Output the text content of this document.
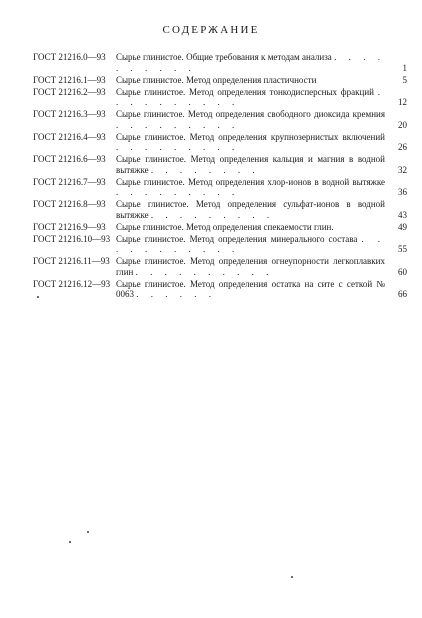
СОДЕРЖАНИЕ
ГОСТ 21216.0—93	Сырье глинистое. Общие требования к методам анализа . . . . . . . . . .	1
ГОСТ 21216.1—93	Сырье глинистое. Метод определения пластичности	5
ГОСТ 21216.2—93	Сырье глинистое. Метод определения тонкодисперсных фракций . . . . . . . . . .	12
ГОСТ 21216.3—93	Сырье глинистое. Метод определения свободного диоксида кремния . . . . . . . . .	20
ГОСТ 21216.4—93	Сырье глинистое. Метод определения крупнозернистых включений . . . . . . . . .	26
ГОСТ 21216.6—93	Сырье глинистое. Метод определения кальция и магния в водной вытяжке . . . . . . . .	32
ГОСТ 21216.7—93	Сырье глинистое. Метод определения хлор-ионов в водной вытяжке . . . . . . . . .	36
ГОСТ 21216.8—93	Сырье глинистое. Метод определения сульфат-ионов в водной вытяжке . . . . . . . . .	43
ГОСТ 21216.9—93	Сырье глинистое. Метод определения спекаемости глин.	49
ГОСТ 21216.10—93 Сырье глинистое. Метод определения минерального состава . . . . . . . . . . .	55
ГОСТ 21216.11—93 Сырье глинистое. Метод определения огнеупорности легкоплавких глин . . . . . . . . . .	60
ГОСТ 21216.12—93 Сырье глинистое. Метод определения остатка на сите с сеткой № 0063 . . . . . .	66
